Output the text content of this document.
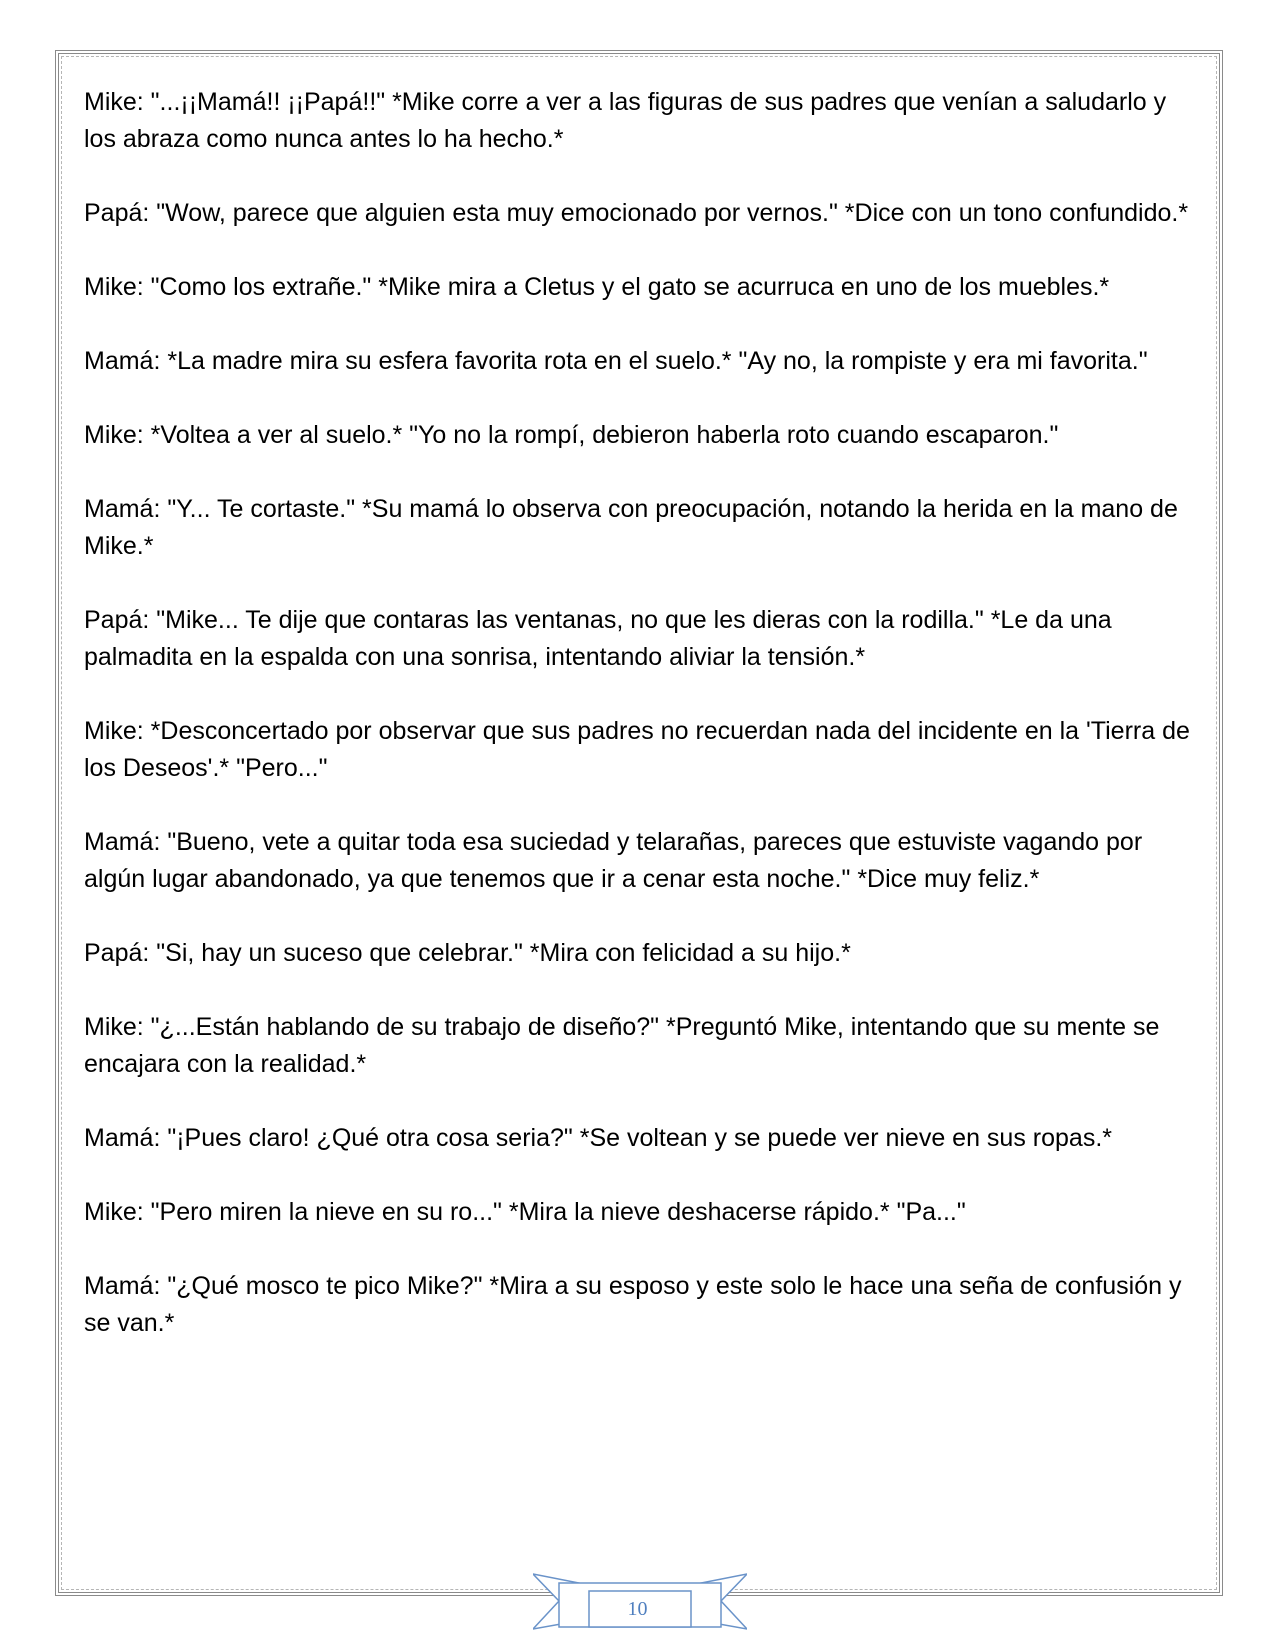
Mike: "...¡¡Mamá!! ¡¡Papá!!" *Mike corre a ver a las figuras de sus padres que venían a saludarlo y los abraza como nunca antes lo ha hecho.*

Papá: "Wow, parece que alguien esta muy emocionado por vernos." *Dice con un tono confundido.*

Mike: "Como los extrañe." *Mike mira a Cletus y el gato se acurruca en uno de los muebles.*

Mamá: *La madre mira su esfera favorita rota en el suelo.* "Ay no, la rompiste y era mi favorita."

Mike: *Voltea a ver al suelo.* "Yo no la rompí, debieron haberla roto cuando escaparon."

Mamá: "Y... Te cortaste." *Su mamá lo observa con preocupación, notando la herida en la mano de Mike.*

Papá: "Mike... Te dije que contaras las ventanas, no que les dieras con la rodilla." *Le da una palmadita en la espalda con una sonrisa, intentando aliviar la tensión.*

Mike: *Desconcertado por observar que sus padres no recuerdan nada del incidente en la 'Tierra de los Deseos'.* "Pero..."

Mamá: "Bueno, vete a quitar toda esa suciedad y telarañas, pareces que estuviste vagando por algún lugar abandonado, ya que tenemos que ir a cenar esta noche." *Dice muy feliz.*

Papá: "Si, hay un suceso que celebrar." *Mira con felicidad a su hijo.*

Mike: "¿...Están hablando de su trabajo de diseño?" *Preguntó Mike, intentando que su mente se encajara con la realidad.*

Mamá: "¡Pues claro! ¿Qué otra cosa seria?" *Se voltean y se puede ver nieve en sus ropas.*

Mike: "Pero miren la nieve en su ro..." *Mira la nieve deshacerse rápido.* "Pa..."

Mamá: "¿Qué mosco te pico Mike?" *Mira a su esposo y este solo le hace una seña de confusión y se van.*

10
